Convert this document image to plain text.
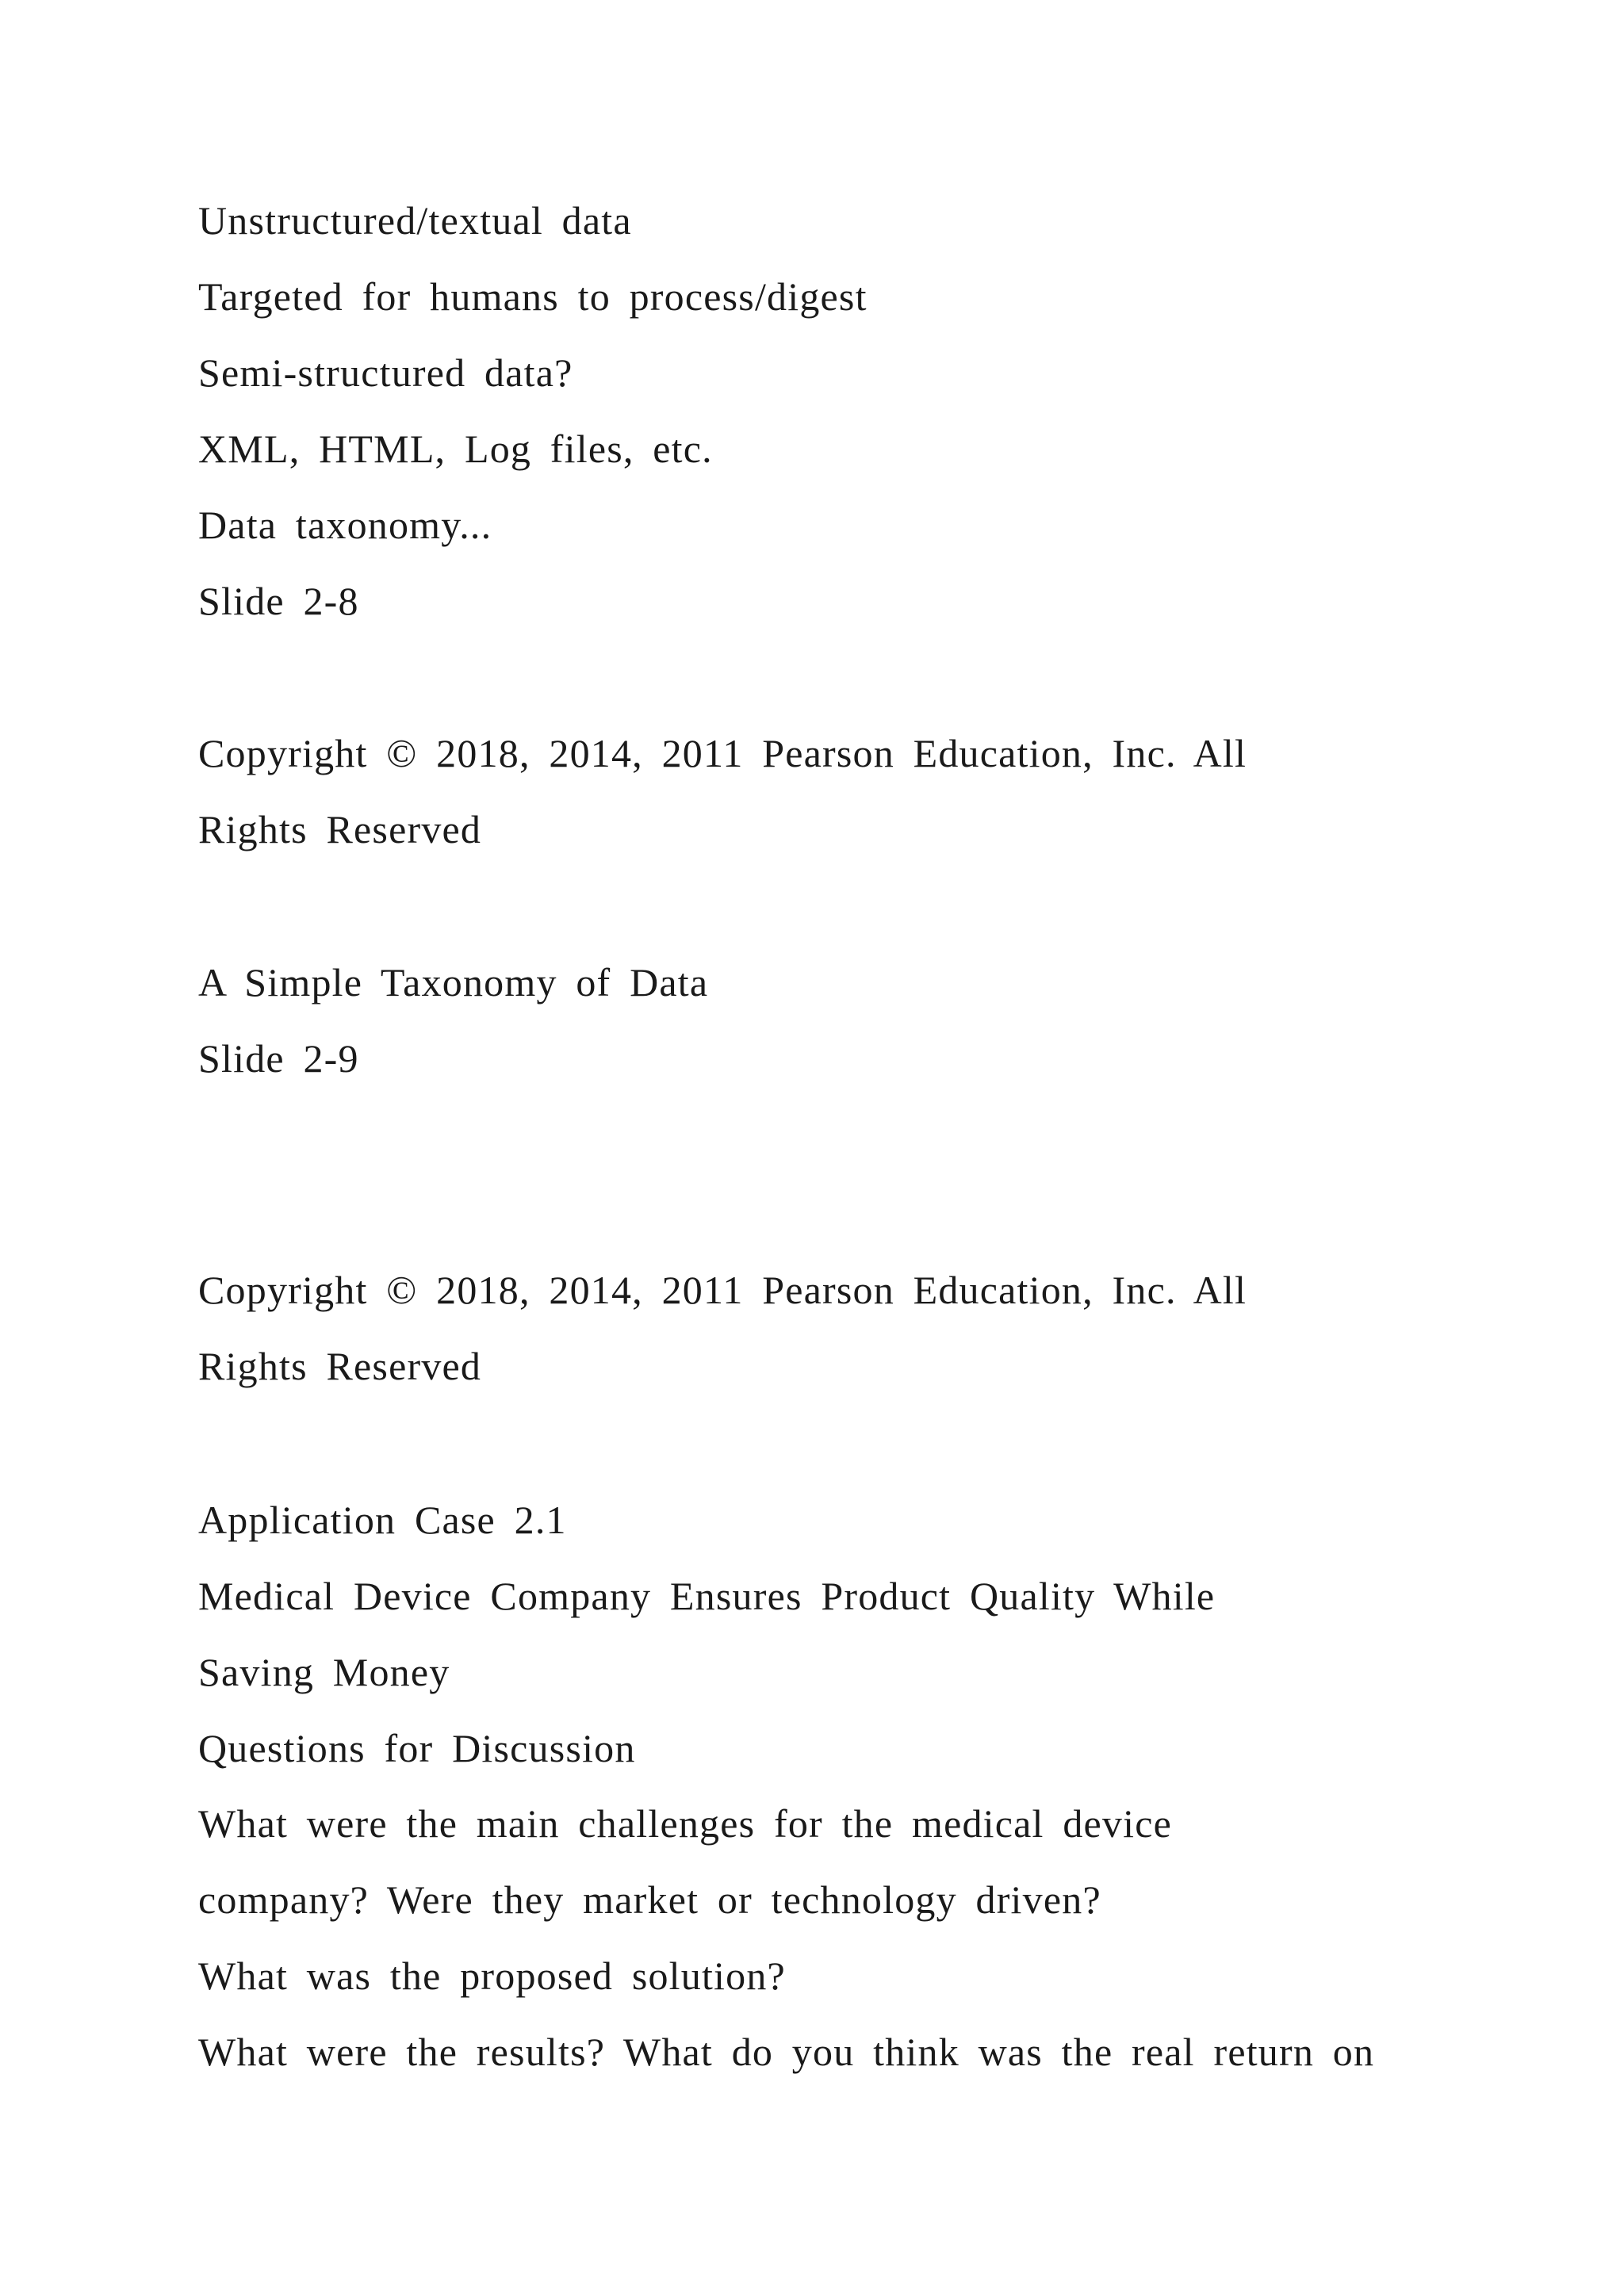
Unstructured/textual data
Targeted for humans to process/digest
Semi-structured data?
XML, HTML, Log files, etc.
Data taxonomy...
Slide 2-8
Copyright © 2018, 2014, 2011 Pearson Education, Inc. All
Rights Reserved
A Simple Taxonomy of Data
Slide 2-9
Copyright © 2018, 2014, 2011 Pearson Education, Inc. All
Rights Reserved
Application Case 2.1
Medical Device Company Ensures Product Quality While
Saving Money
Questions for Discussion
What were the main challenges for the medical device
company? Were they market or technology driven?
What was the proposed solution?
What were the results? What do you think was the real return on
